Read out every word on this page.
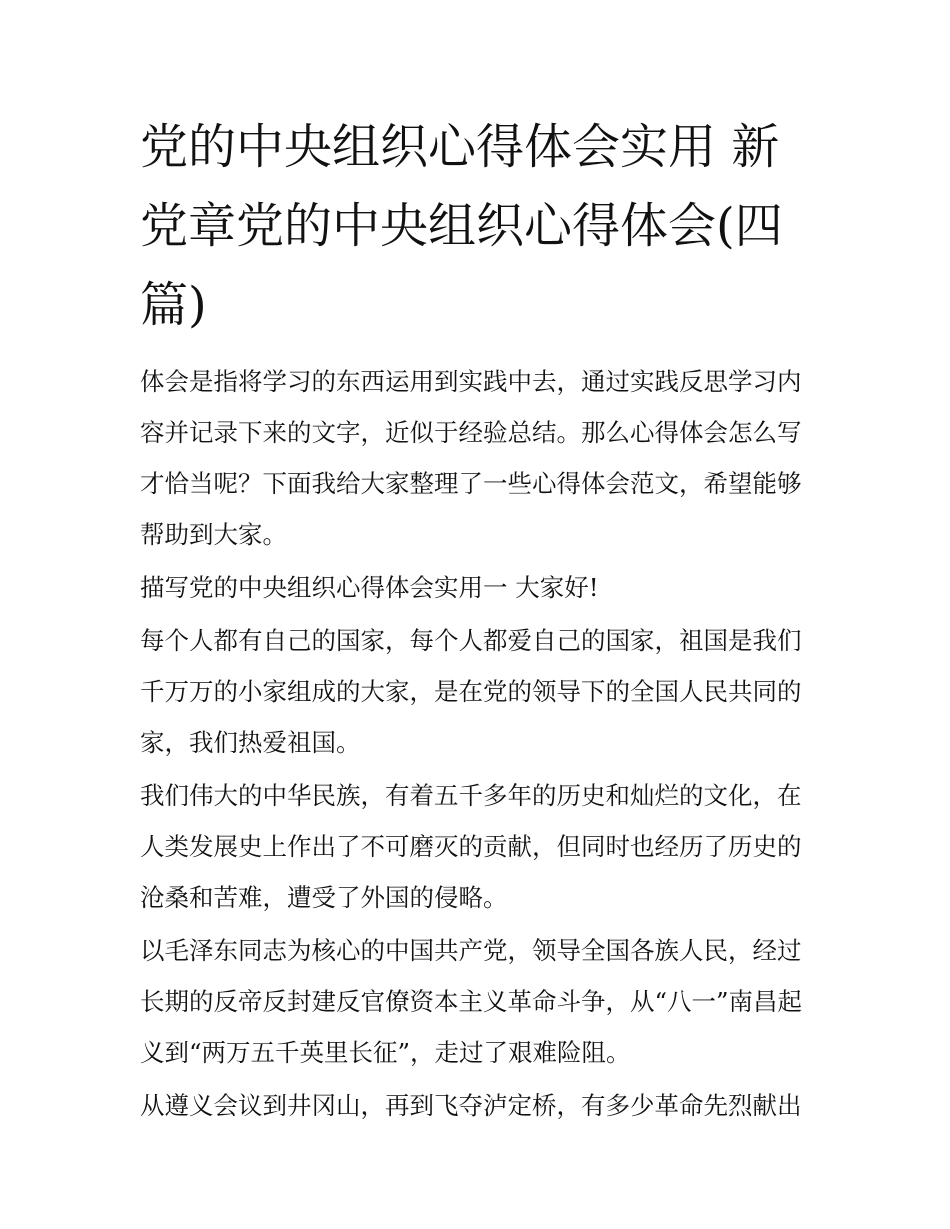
党的中央组织心得体会实用 新党章党的中央组织心得体会(四篇)

体会是指将学习的东西运用到实践中去，通过实践反思学习内容并记录下来的文字，近似于经验总结。那么心得体会怎么写才恰当呢？下面我给大家整理了一些心得体会范文，希望能够帮助到大家。

描写党的中央组织心得体会实用一 大家好!

每个人都有自己的国家，每个人都爱自己的国家，祖国是我们千万万的小家组成的大家，是在党的领导下的全国人民共同的家，我们热爱祖国。

我们伟大的中华民族，有着五千多年的历史和灿烂的文化，在人类发展史上作出了不可磨灭的贡献，但同时也经历了历史的沧桑和苦难，遭受了外国的侵略。

以毛泽东同志为核心的中国共产党，领导全国各族人民，经过长期的反帝反封建反官僚资本主义革命斗争，从“八一”南昌起义到“两万五千英里长征”，走过了艰难险阻。

从遵义会议到井冈山，再到飞夺泸定桥，有多少革命先烈献出
